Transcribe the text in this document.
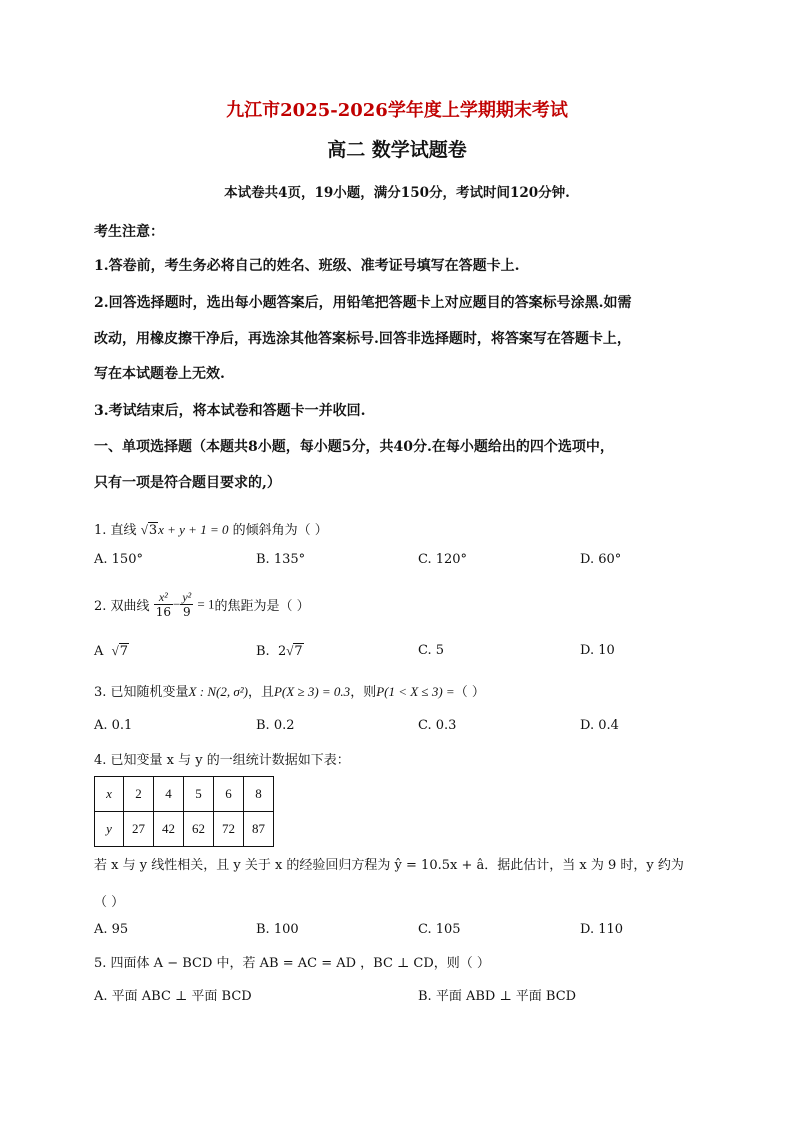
九江市2025-2026学年度上学期期末考试
高二 数学试题卷
本试卷共4页，19小题，满分150分，考试时间120分钟.
考生注意：
1.答卷前，考生务必将自己的姓名、班级、准考证号填写在答题卡上.
2.回答选择题时，选出每小题答案后，用铅笔把答题卡上对应题目的答案标号涂黑.如需
改动，用橡皮擦干净后，再选涂其他答案标号.回答非选择题时，将答案写在答题卡上，
写在本试题卷上无效.
3.考试结束后，将本试卷和答题卡一并收回.
一、单项选择题（本题共8小题，每小题5分，共40分.在每小题给出的四个选项中，
只有一项是符合题目要求的,）
1. 直线 √3x + y + 1 = 0 的倾斜角为（ ）
A. 150°	B. 135°	C. 120°	D. 60°
2. 双曲线 $\frac{\text{x²}}{16} - \frac{\text{y²}}{9} = 1$的焦距为是（ ）
A √7	B. 2√7	C. 5	D. 10
3. 已知随机变量X : N(2, σ²)，且P(X ≥ 3) = 0.3，则P(1 < X ≤ 3) =（ ）
A. 0.1	B. 0.2	C. 0.3	D. 0.4
4. 已知变量 x 与 y 的一组统计数据如下表：
x	2	4	5	6	8
y	27	42	62	72	87
若 x 与 y 线性相关，且 y 关于 x 的经验回归方程为 ŷ = 10.5x + â．据此估计，当 x 为 9 时，y 约为
（ ）
A. 95	B. 100	C. 105	D. 110
5. 四面体 A − BCD 中，若 AB = AC = AD ，BC ⊥ CD，则（ ）
A. 平面 ABC ⊥ 平面 BCD	B. 平面 ABD ⊥ 平面 BCD
